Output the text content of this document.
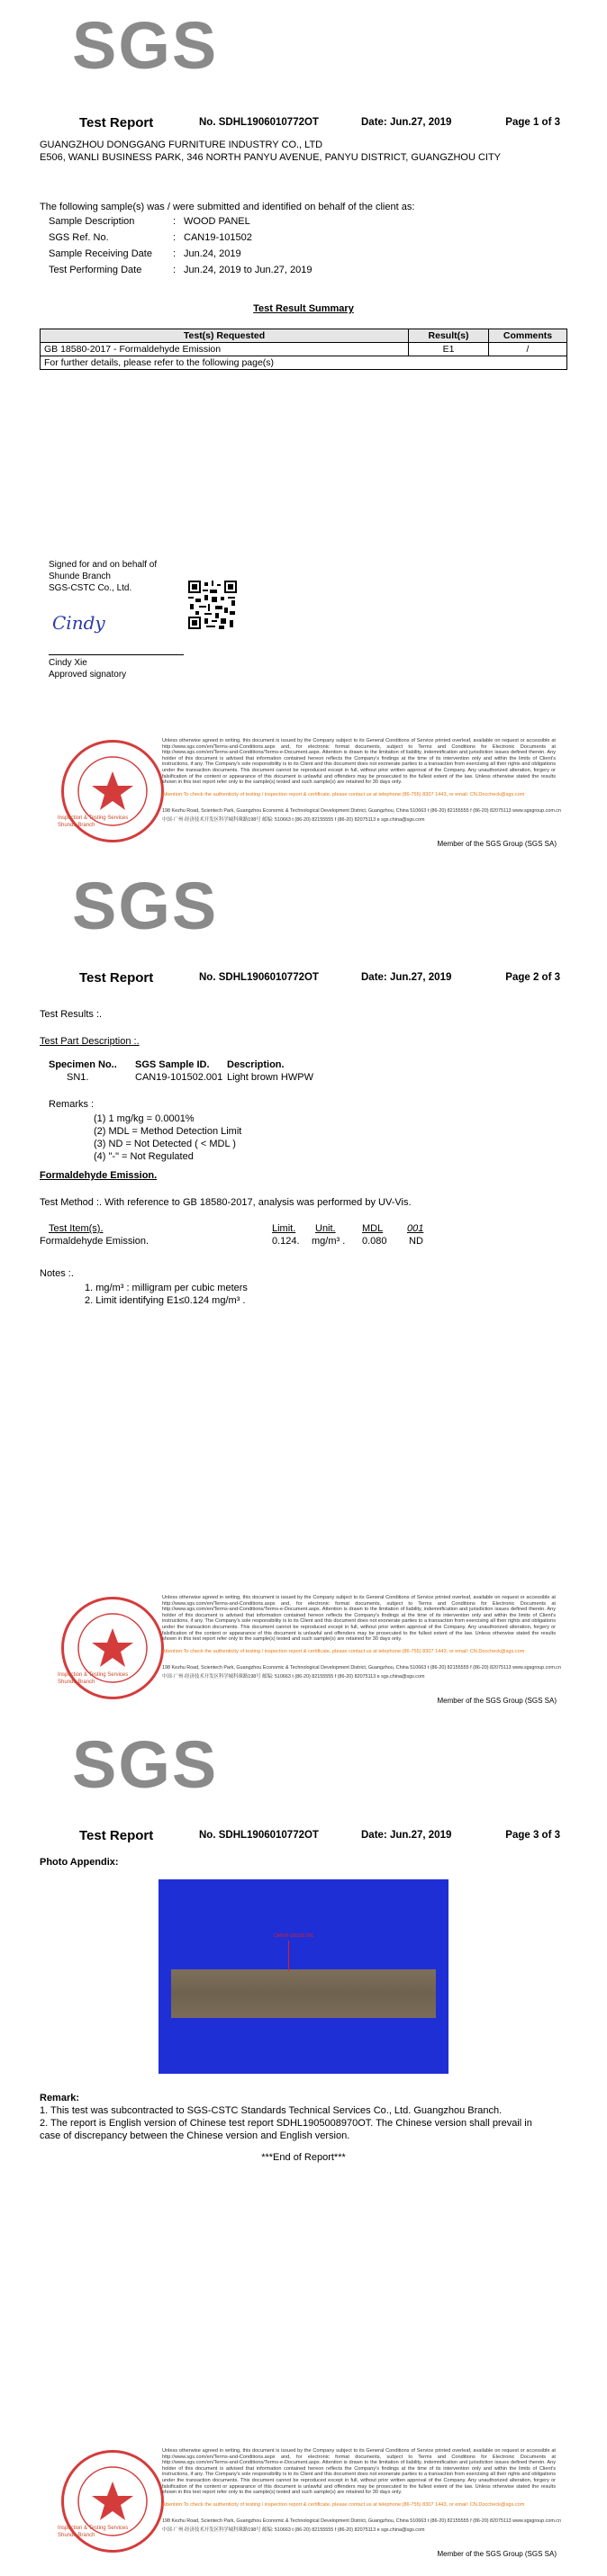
SGS
Test Report	No. SDHL1906010772OT	Date: Jun.27, 2019	Page 1 of 3
GUANGZHOU DONGGANG FURNITURE INDUSTRY CO., LTD
E506, WANLI BUSINESS PARK, 346 NORTH PANYU AVENUE, PANYU DISTRICT, GUANGZHOU CITY
The following sample(s) was / were submitted and identified on behalf of the client as:
Sample Description	: WOOD PANEL
SGS Ref. No.	: CAN19-101502
Sample Receiving Date : Jun.24, 2019
Test Performing Date	: Jun.24, 2019 to Jun.27, 2019
Test Result Summary
Test(s) Requested	Result(s)	Comments
GB 18580-2017 - Formaldehyde Emission	E1	/
For further details, please refer to the following page(s)		
Signed for and on behalf of
Shunde Branch
SGS-CSTC Co., Ltd.
Cindy
Cindy Xie
Approved signatory
Inspection & Testing Services
Shunde Branch
Unless otherwise agreed in writing, this document is issued by the Company subject to its General Conditions of Service printed overleaf, available on request or accessible at http://www.sgs.com/en/Terms-and-Conditions.aspx and, for electronic format documents, subject to Terms and Conditions for Electronic Documents at http://www.sgs.com/en/Terms-and-Conditions/Terms-e-Document.aspx. Attention is drawn to the limitation of liability, indemnification and jurisdiction issues defined therein. Any holder of this document is advised that information contained hereon reflects the Company's findings at the time of its intervention only and within the limits of Client's instructions, if any. The Company's sole responsibility is to its Client and this document does not exonerate parties to a transaction from exercising all their rights and obligations under the transaction documents. This document cannot be reproduced except in full, without prior written approval of the Company. Any unauthorized alteration, forgery or falsification of the content or appearance of this document is unlawful and offenders may be prosecuted to the fullest extent of the law. Unless otherwise stated the results shown in this test report refer only to the sample(s) tested and such sample(s) are retained for 30 days only.
Attention:To check the authenticity of testing / inspection report & certificate, please contact us at telephone:(86-755) 8307 1443, or email: CN.Doccheck@sgs.com
198 Kezhu Road, Scientech Park, Guangzhou Economic & Technological Development District, Guangzhou, China 510663 t (86-20) 82155555 f (86-20) 82075113 www.sgsgroup.com.cn
中国·广州·经济技术开发区科学城科珠路198号 邮编: 510663 t (86-20) 82155555 f (86-20) 82075113 e sgs.china@sgs.com
Member of the SGS Group (SGS SA)
SGS
Test Report	No. SDHL1906010772OT	Date: Jun.27, 2019	Page 2 of 3
Test Results :.
Test Part Description :.
Specimen No.. SGS Sample ID. Description.
SN1.	CAN19-101502.001 Light brown HWPW
Remarks :
(1) 1 mg/kg = 0.0001%
(2) MDL = Method Detection Limit
(3) ND = Not Detected ( < MDL )
(4) "-" = Not Regulated
Formaldehyde Emission.
Test Method :. With reference to GB 18580-2017, analysis was performed by UV-Vis.
Test Item(s).	Limit. Unit.	MDL 001
Formaldehyde Emission.	0.124. mg/m³ . 0.080 ND
Notes :.
1. mg/m³ : milligram per cubic meters
2. Limit identifying E1≤0.124 mg/m³ .
Inspection & Testing Services
Shunde Branch
Unless otherwise agreed in writing, this document is issued by the Company subject to its General Conditions of Service printed overleaf, available on request or accessible at http://www.sgs.com/en/Terms-and-Conditions.aspx and, for electronic format documents, subject to Terms and Conditions for Electronic Documents at http://www.sgs.com/en/Terms-and-Conditions/Terms-e-Document.aspx. Attention is drawn to the limitation of liability, indemnification and jurisdiction issues defined therein. Any holder of this document is advised that information contained hereon reflects the Company's findings at the time of its intervention only and within the limits of Client's instructions, if any. The Company's sole responsibility is to its Client and this document does not exonerate parties to a transaction from exercising all their rights and obligations under the transaction documents. This document cannot be reproduced except in full, without prior written approval of the Company. Any unauthorized alteration, forgery or falsification of the content or appearance of this document is unlawful and offenders may be prosecuted to the fullest extent of the law. Unless otherwise stated the results shown in this test report refer only to the sample(s) tested and such sample(s) are retained for 30 days only.
Attention:To check the authenticity of testing / inspection report & certificate, please contact us at telephone:(86-755) 8307 1443, or email: CN.Doccheck@sgs.com
198 Kezhu Road, Scientech Park, Guangzhou Economic & Technological Development District, Guangzhou, China 510663 t (86-20) 82155555 f (86-20) 82075113 www.sgsgroup.com.cn
中国·广州·经济技术开发区科学城科珠路198号 邮编: 510663 t (86-20) 82155555 f (86-20) 82075113 e sgs.china@sgs.com
Member of the SGS Group (SGS SA)
SGS
Test Report	No. SDHL1906010772OT	Date: Jun.27, 2019	Page 3 of 3
Photo Appendix:
CAN19-101502.001
Remark:
1. This test was subcontracted to SGS-CSTC Standards Technical Services Co., Ltd. Guangzhou Branch.
2. The report is English version of Chinese test report SDHL1905008970OT. The Chinese version shall prevail in
case of discrepancy between the Chinese version and English version.
***End of Report***
Inspection & Testing Services
Shunde Branch
Unless otherwise agreed in writing, this document is issued by the Company subject to its General Conditions of Service printed overleaf, available on request or accessible at http://www.sgs.com/en/Terms-and-Conditions.aspx and, for electronic format documents, subject to Terms and Conditions for Electronic Documents at http://www.sgs.com/en/Terms-and-Conditions/Terms-e-Document.aspx. Attention is drawn to the limitation of liability, indemnification and jurisdiction issues defined therein. Any holder of this document is advised that information contained hereon reflects the Company's findings at the time of its intervention only and within the limits of Client's instructions, if any. The Company's sole responsibility is to its Client and this document does not exonerate parties to a transaction from exercising all their rights and obligations under the transaction documents. This document cannot be reproduced except in full, without prior written approval of the Company. Any unauthorized alteration, forgery or falsification of the content or appearance of this document is unlawful and offenders may be prosecuted to the fullest extent of the law. Unless otherwise stated the results shown in this test report refer only to the sample(s) tested and such sample(s) are retained for 30 days only.
Attention:To check the authenticity of testing / inspection report & certificate, please contact us at telephone:(86-755) 8307 1443, or email: CN.Doccheck@sgs.com
198 Kezhu Road, Scientech Park, Guangzhou Economic & Technological Development District, Guangzhou, China 510663 t (86-20) 82155555 f (86-20) 82075113 www.sgsgroup.com.cn
中国·广州·经济技术开发区科学城科珠路198号 邮编: 510663 t (86-20) 82155555 f (86-20) 82075113 e sgs.china@sgs.com
Member of the SGS Group (SGS SA)
